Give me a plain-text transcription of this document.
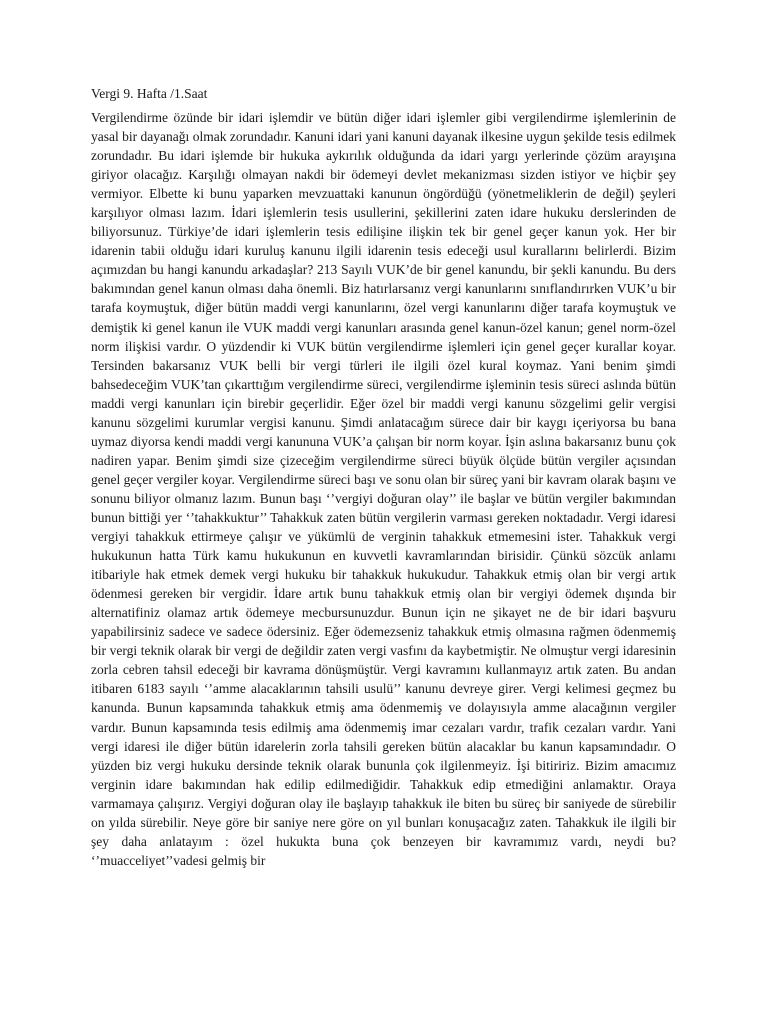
Vergi 9. Hafta /1.Saat

Vergilendirme özünde bir idari işlemdir ve bütün diğer idari işlemler gibi vergilendirme işlemlerinin de yasal bir dayanağı olmak zorundadır. Kanuni idari yani kanuni dayanak ilkesine uygun şekilde tesis edilmek zorundadır. Bu idari işlemde bir hukuka aykırılık olduğunda da idari yargı yerlerinde çözüm arayışına giriyor olacağız. Karşılığı olmayan nakdi bir ödemeyi devlet mekanizması sizden istiyor ve hiçbir şey vermiyor. Elbette ki bunu yaparken mevzuattaki kanunun öngördüğü (yönetmeliklerin de değil) şeyleri karşılıyor olması lazım. İdari işlemlerin tesis usullerini, şekillerini zaten idare hukuku derslerinden de biliyorsunuz. Türkiye’de idari işlemlerin tesis edilişine ilişkin tek bir genel geçer kanun yok. Her bir idarenin tabii olduğu idari kuruluş kanunu ilgili idarenin tesis edeceği usul kurallarını belirlerdi. Bizim açımızdan bu hangi kanundu arkadaşlar? 213 Sayılı VUK’de bir genel kanundu, bir şekli kanundu. Bu ders bakımından genel kanun olması daha önemli. Biz hatırlarsanız vergi kanunlarını sınıflandırırken VUK’u bir tarafa koymuştuk, diğer bütün maddi vergi kanunlarını, özel vergi kanunlarını diğer tarafa koymuştuk ve demiştik ki genel kanun ile VUK maddi vergi kanunları arasında genel kanun-özel kanun; genel norm-özel norm ilişkisi vardır. O yüzdendir ki VUK bütün vergilendirme işlemleri için genel geçer kurallar koyar. Tersinden bakarsanız VUK belli bir vergi türleri ile ilgili özel kural koymaz. Yani benim şimdi bahsedeceğim VUK’tan çıkarttığım vergilendirme süreci, vergilendirme işleminin tesis süreci aslında bütün maddi vergi kanunları için birebir geçerlidir. Eğer özel bir maddi vergi kanunu sözgelimi gelir vergisi kanunu sözgelimi kurumlar vergisi kanunu. Şimdi anlatacağım sürece dair bir kaygı içeriyorsa bu bana uymaz diyorsa kendi maddi vergi kanununa VUK’a çalışan bir norm koyar. İşin aslına bakarsanız bunu çok nadiren yapar. Benim şimdi size çizeceğim vergilendirme süreci büyük ölçüde bütün vergiler açısından genel geçer vergiler koyar. Vergilendirme süreci başı ve sonu olan bir süreç yani bir kavram olarak başını ve sonunu biliyor olmanız lazım. Bunun başı ‘’vergiyi doğuran olay’’ ile başlar ve bütün vergiler bakımından bunun bittiği yer ‘’tahakkuktur’’ Tahakkuk zaten bütün vergilerin varması gereken noktadadır. Vergi idaresi vergiyi tahakkuk ettirmeye çalışır ve yükümlü de verginin tahakkuk etmemesini ister. Tahakkuk vergi hukukunun hatta Türk kamu hukukunun en kuvvetli kavramlarından birisidir. Çünkü sözcük anlamı itibariyle hak etmek demek vergi hukuku bir tahakkuk hukukudur. Tahakkuk etmiş olan bir vergi artık ödenmesi gereken bir vergidir. İdare artık bunu tahakkuk etmiş olan bir vergiyi ödemek dışında bir alternatifiniz olamaz artık ödemeye mecbursunuzdur. Bunun için ne şikayet ne de bir idari başvuru yapabilirsiniz sadece ve sadece ödersiniz. Eğer ödemezseniz tahakkuk etmiş olmasına rağmen ödenmemiş bir vergi teknik olarak bir vergi de değildir zaten vergi vasfını da kaybetmiştir. Ne olmuştur vergi idaresinin zorla cebren tahsil edeceği bir kavrama dönüşmüştür. Vergi kavramını kullanmayız artık zaten. Bu andan itibaren 6183 sayılı ‘’amme alacaklarının tahsili usulü’’ kanunu devreye girer. Vergi kelimesi geçmez bu kanunda. Bunun kapsamında tahakkuk etmiş ama ödenmemiş ve dolayısıyla amme alacağının vergiler vardır. Bunun kapsamında tesis edilmiş ama ödenmemiş imar cezaları vardır, trafik cezaları vardır. Yani vergi idaresi ile diğer bütün idarelerin zorla tahsili gereken bütün alacaklar bu kanun kapsamındadır. O yüzden biz vergi hukuku dersinde teknik olarak bununla çok ilgilenmeyiz. İşi bitiririz. Bizim amacımız verginin idare bakımından hak edilip edilmediğidir. Tahakkuk edip etmediğini anlamaktır. Oraya varmamaya çalışırız. Vergiyi doğuran olay ile başlayıp tahakkuk ile biten bu süreç bir saniyede de sürebilir on yılda sürebilir. Neye göre bir saniye nere göre on yıl bunları konuşacağız zaten. Tahakkuk ile ilgili bir şey daha anlatayım : özel hukukta buna çok benzeyen bir kavramımız vardı, neydi bu? ‘’muacceliyet’’vadesi gelmiş bir
